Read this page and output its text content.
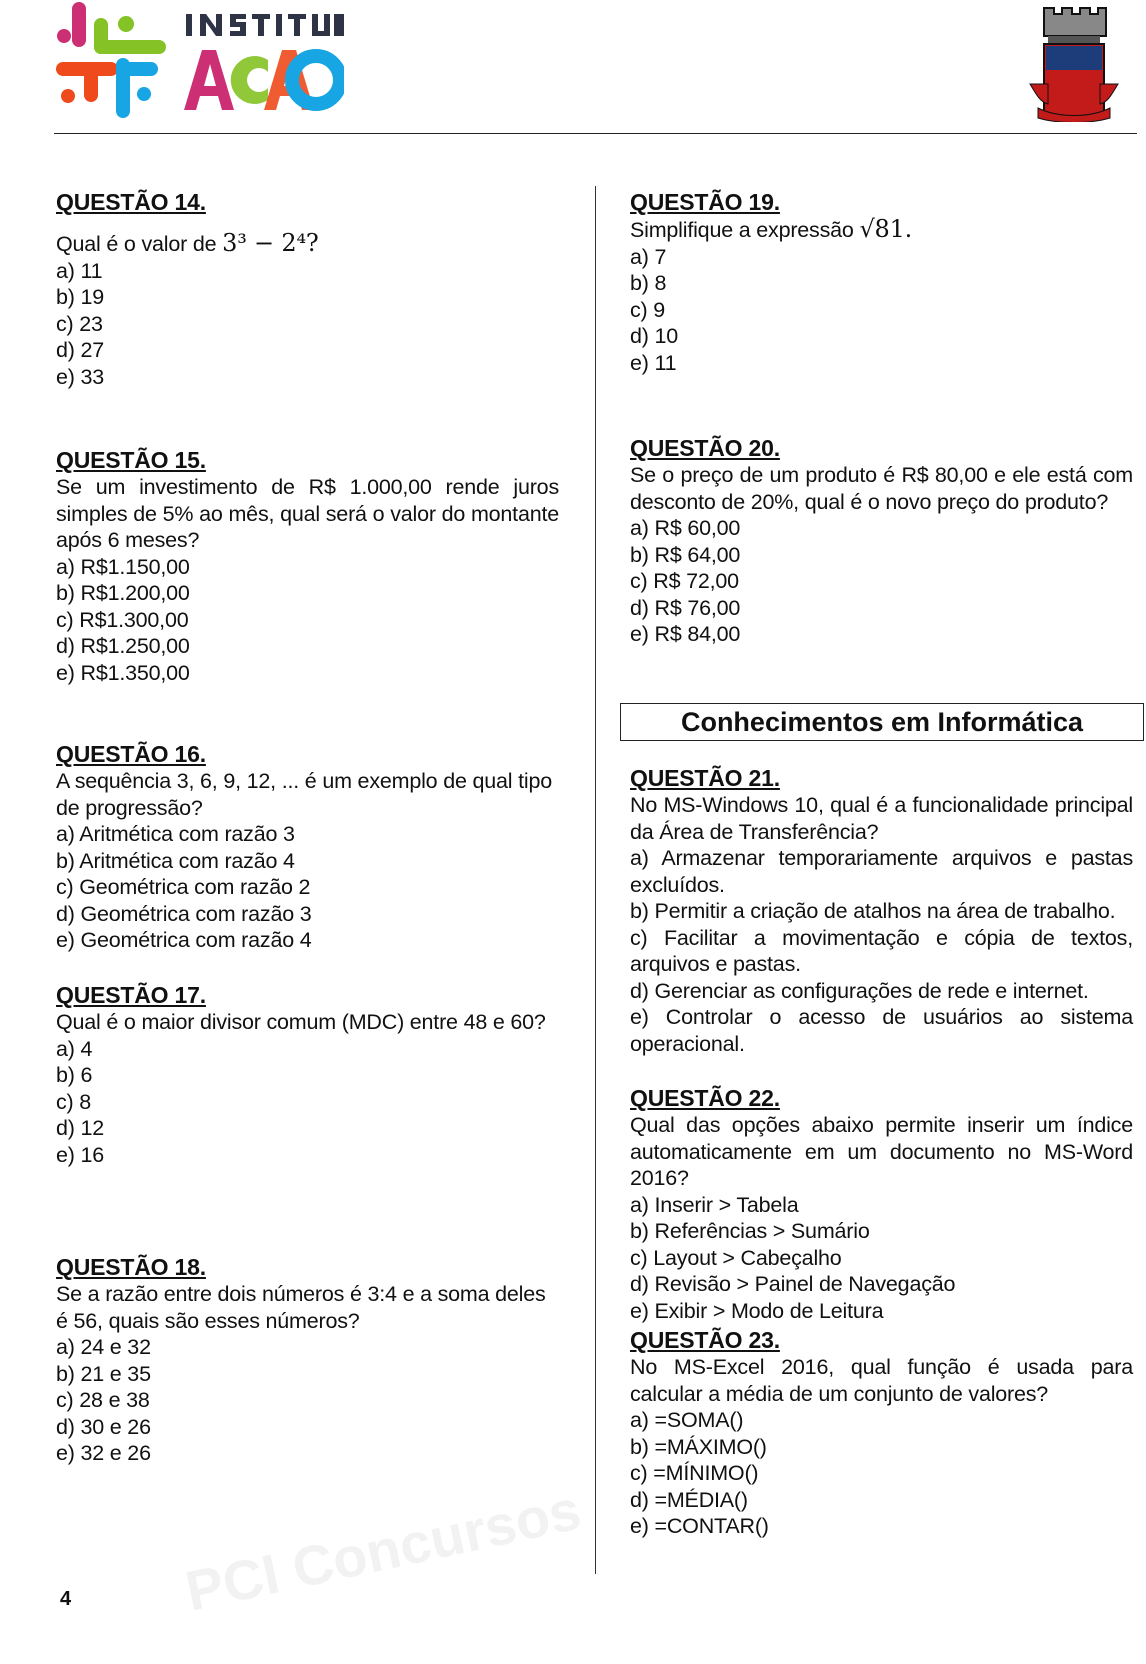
PCI Concursos
QUESTÃO 14.
Qual é o valor de 3³ − 2⁴?
a) 11
b) 19
c) 23
d) 27
e) 33
QUESTÃO 15.
Se um investimento de R$ 1.000,00 rende juros simples de 5% ao mês, qual será o valor do montante após 6 meses?
a) R$1.150,00
b) R$1.200,00
c) R$1.300,00
d) R$1.250,00
e) R$1.350,00
QUESTÃO 16.
A sequência 3, 6, 9, 12, ... é um exemplo de qual tipo de progressão?
a) Aritmética com razão 3
b) Aritmética com razão 4
c) Geométrica com razão 2
d) Geométrica com razão 3
e) Geométrica com razão 4
QUESTÃO 17.
Qual é o maior divisor comum (MDC) entre 48 e 60?
a) 4
b) 6
c) 8
d) 12
e) 16
QUESTÃO 18.
Se a razão entre dois números é 3:4 e a soma deles é 56, quais são esses números?
a) 24 e 32
b) 21 e 35
c) 28 e 38
d) 30 e 26
e) 32 e 26
QUESTÃO 19.
Simplifique a expressão √81.
a) 7
b) 8
c) 9
d) 10
e) 11
QUESTÃO 20.
Se o preço de um produto é R$ 80,00 e ele está com desconto de 20%, qual é o novo preço do produto?
a) R$ 60,00
b) R$ 64,00
c) R$ 72,00
d) R$ 76,00
e) R$ 84,00
Conhecimentos em Informática
QUESTÃO 21.
No MS-Windows 10, qual é a funcionalidade principal da Área de Transferência?
a) Armazenar temporariamente arquivos e pastas excluídos.
b) Permitir a criação de atalhos na área de trabalho.
c) Facilitar a movimentação e cópia de textos, arquivos e pastas.
d) Gerenciar as configurações de rede e internet.
e) Controlar o acesso de usuários ao sistema operacional.
QUESTÃO 22.
Qual das opções abaixo permite inserir um índice automaticamente em um documento no MS-Word 2016?
a) Inserir > Tabela
b) Referências > Sumário
c) Layout > Cabeçalho
d) Revisão > Painel de Navegação
e) Exibir > Modo de Leitura
QUESTÃO 23.
No MS-Excel 2016, qual função é usada para calcular a média de um conjunto de valores?
a) =SOMA()
b) =MÁXIMO()
c) =MÍNIMO()
d) =MÉDIA()
e) =CONTAR()
4
